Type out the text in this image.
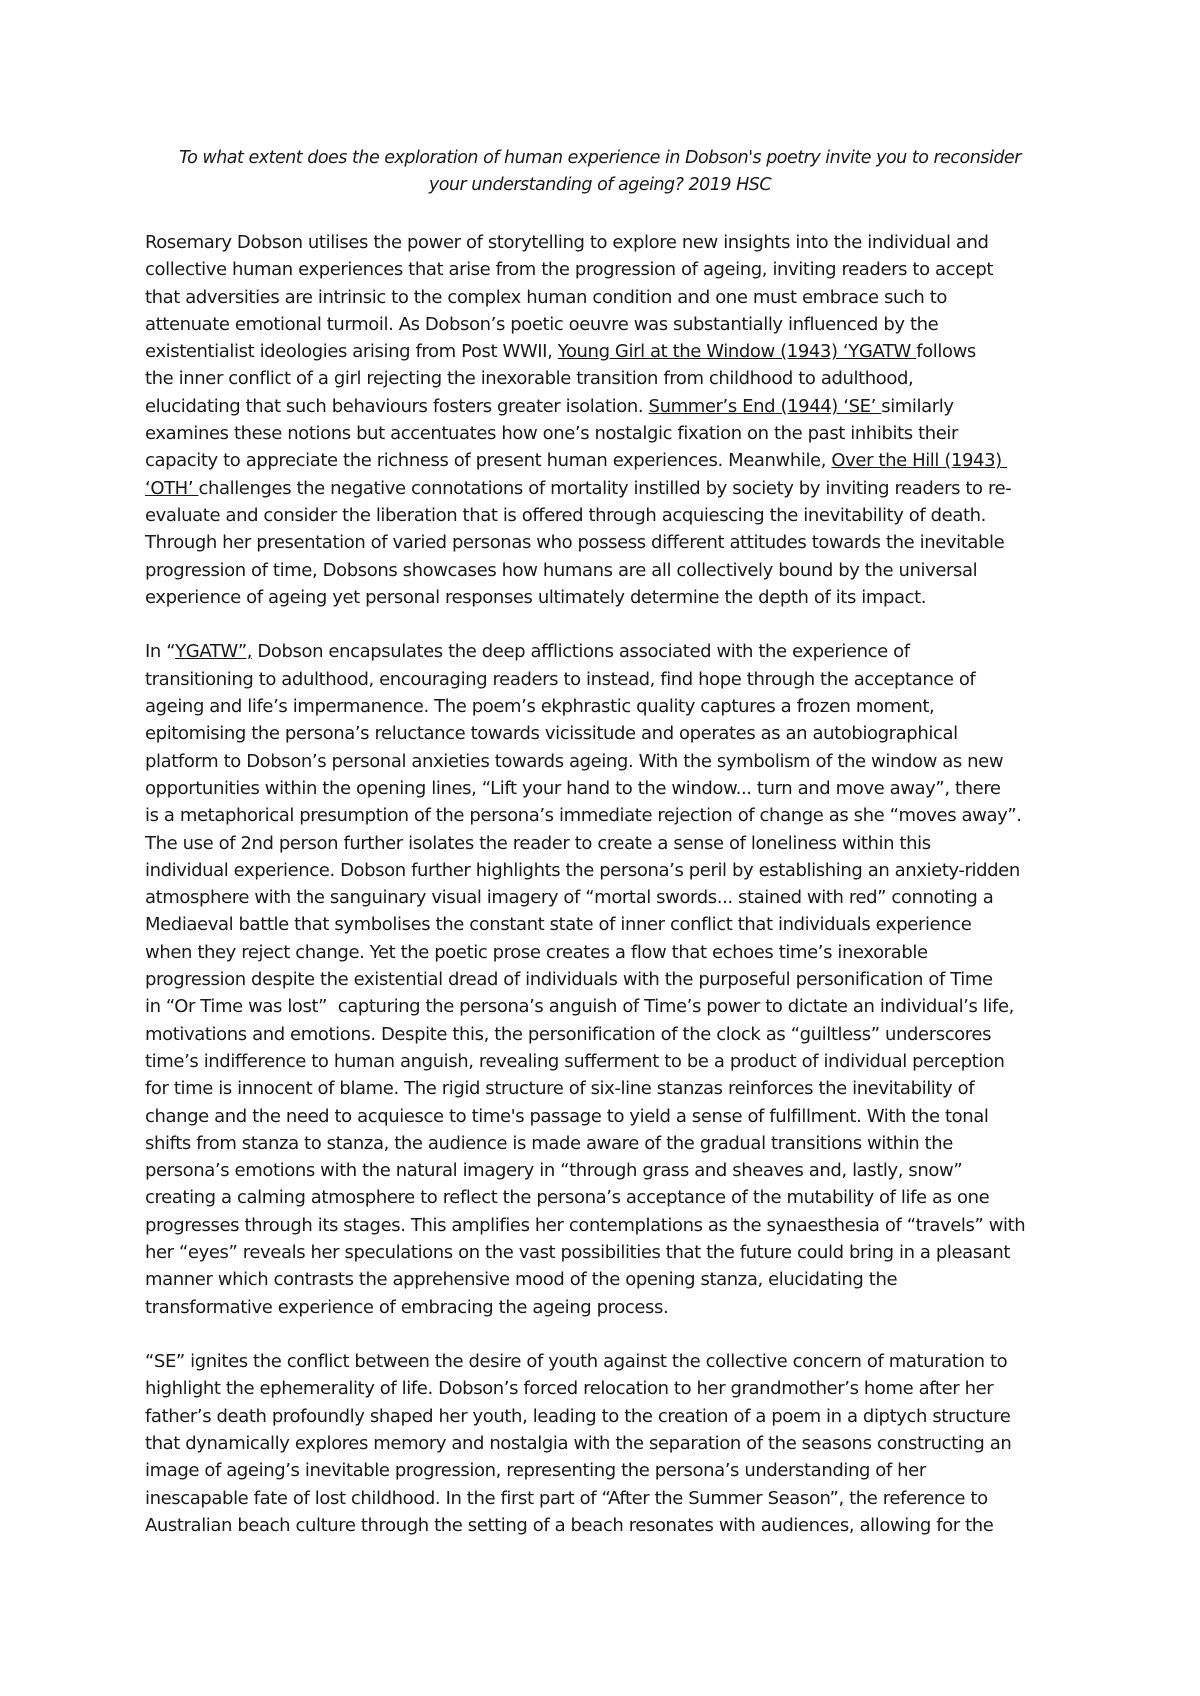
To what extent does the exploration of human experience in Dobson's poetry invite you to reconsider
your understanding of ageing? 2019 HSC
Rosemary Dobson utilises the power of storytelling to explore new insights into the individual and
collective human experiences that arise from the progression of ageing, inviting readers to accept
that adversities are intrinsic to the complex human condition and one must embrace such to
attenuate emotional turmoil. As Dobson’s poetic oeuvre was substantially influenced by the
existentialist ideologies arising from Post WWII, Young Girl at the Window (1943) ‘YGATW follows
the inner conflict of a girl rejecting the inexorable transition from childhood to adulthood,
elucidating that such behaviours fosters greater isolation. Summer’s End (1944) ‘SE’ similarly
examines these notions but accentuates how one’s nostalgic fixation on the past inhibits their
capacity to appreciate the richness of present human experiences. Meanwhile, Over the Hill (1943)
‘OTH’ challenges the negative connotations of mortality instilled by society by inviting readers to re-
evaluate and consider the liberation that is offered through acquiescing the inevitability of death.
Through her presentation of varied personas who possess different attitudes towards the inevitable
progression of time, Dobsons showcases how humans are all collectively bound by the universal
experience of ageing yet personal responses ultimately determine the depth of its impact.
In “YGATW”, Dobson encapsulates the deep afflictions associated with the experience of
transitioning to adulthood, encouraging readers to instead, find hope through the acceptance of
ageing and life’s impermanence. The poem’s ekphrastic quality captures a frozen moment,
epitomising the persona’s reluctance towards vicissitude and operates as an autobiographical
platform to Dobson’s personal anxieties towards ageing. With the symbolism of the window as new
opportunities within the opening lines, “Lift your hand to the window... turn and move away”, there
is a metaphorical presumption of the persona’s immediate rejection of change as she “moves away”.
The use of 2nd person further isolates the reader to create a sense of loneliness within this
individual experience. Dobson further highlights the persona’s peril by establishing an anxiety-ridden
atmosphere with the sanguinary visual imagery of “mortal swords... stained with red” connoting a
Mediaeval battle that symbolises the constant state of inner conflict that individuals experience
when they reject change. Yet the poetic prose creates a flow that echoes time’s inexorable
progression despite the existential dread of individuals with the purposeful personification of Time
in “Or Time was lost”  capturing the persona’s anguish of Time’s power to dictate an individual’s life,
motivations and emotions. Despite this, the personification of the clock as “guiltless” underscores
time’s indifference to human anguish, revealing sufferment to be a product of individual perception
for time is innocent of blame. The rigid structure of six-line stanzas reinforces the inevitability of
change and the need to acquiesce to time's passage to yield a sense of fulfillment. With the tonal
shifts from stanza to stanza, the audience is made aware of the gradual transitions within the
persona’s emotions with the natural imagery in “through grass and sheaves and, lastly, snow”
creating a calming atmosphere to reflect the persona’s acceptance of the mutability of life as one
progresses through its stages. This amplifies her contemplations as the synaesthesia of “travels” with
her “eyes” reveals her speculations on the vast possibilities that the future could bring in a pleasant
manner which contrasts the apprehensive mood of the opening stanza, elucidating the
transformative experience of embracing the ageing process.
“SE” ignites the conflict between the desire of youth against the collective concern of maturation to
highlight the ephemerality of life. Dobson’s forced relocation to her grandmother’s home after her
father’s death profoundly shaped her youth, leading to the creation of a poem in a diptych structure
that dynamically explores memory and nostalgia with the separation of the seasons constructing an
image of ageing’s inevitable progression, representing the persona’s understanding of her
inescapable fate of lost childhood. In the first part of “After the Summer Season”, the reference to
Australian beach culture through the setting of a beach resonates with audiences, allowing for the
